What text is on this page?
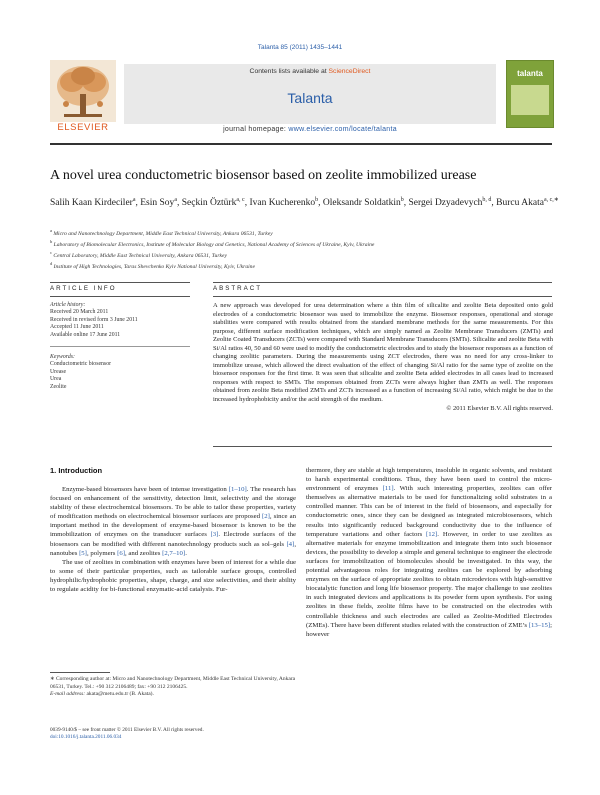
Talanta 85 (2011) 1435–1441
ELSEVIER
Contents lists available at ScienceDirect
Talanta
journal homepage: www.elsevier.com/locate/talanta
talanta
A novel urea conductometric biosensor based on zeolite immobilized urease
Salih Kaan Kirdeciler$^a$, Esin Soy$^a$, Seçkin Öztürk$^{a, c}$, Ivan Kucherenko$^b$, Oleksandr Soldatkin$^b$, Sergei Dzyadevych$^{b, d}$, Burcu Akata$^{a, c,∗}$
$^a$ Micro and Nanotechnology Department, Middle East Technical University, Ankara 06531, Turkey
$^b$ Laboratory of Biomolecular Electronics, Institute of Molecular Biology and Genetics, National Academy of Sciences of Ukraine, Kyiv, Ukraine
$^c$ Central Laboratory, Middle East Technical University, Ankara 06531, Turkey
$^d$ Institute of High Technologies, Taras Shevchenko Kyiv National University, Kyiv, Ukraine
ARTICLE INFO
Article history:
Received 20 March 2011
Received in revised form 3 June 2011
Accepted 11 June 2011
Available online 17 June 2011
Keywords:
Conductometric biosensor
Urease
Urea
Zeolite
ABSTRACT
A new approach was developed for urea determination where a thin film of silicalite and zeolite Beta deposited onto gold electrodes of a conductometric biosensor was used to immobilize the enzyme. Biosensor responses, operational and storage stabilities were compared with results obtained from the standard membrane methods for the same measurements. For this purpose, different surface modification techniques, which are simply named as Zeolite Membrane Transducers (ZMTs) and Zeolite Coated Transducers (ZCTs) were compared with Standard Membrane Transducers (SMTs). Silicalite and zeolite Beta with Si/Al ratios 40, 50 and 60 were used to modify the conductometric electrodes and to study the biosensor responses as a function of changing zeolitic parameters. During the measurements using ZCT electrodes, there was no need for any cross-linker to immobilize urease, which allowed the direct evaluation of the effect of changing Si/Al ratio for the same type of zeolite on the biosensor responses for the first time. It was seen that silicalite and zeolite Beta added electrodes in all cases lead to increased responses with respect to SMTs. The responses obtained from ZCTs were always higher than ZMTs as well. The responses obtained from zeolite Beta modified ZMTs and ZCTs increased as a function of increasing Si/Al ratio, which might be due to the increased hydrophobicity and/or the acid strength of the medium.
© 2011 Elsevier B.V. All rights reserved.
1. Introduction

Enzyme-based biosensors have been of intense investigation [1–10]. The research has focused on enhancement of the sensitivity, detection limit, selectivity and the storage stability of these electrochemical biosensors. To be able to tailor these properties, variety of modification methods on electrochemical biosensor surfaces are proposed [2], since an important method in the development of enzyme-based biosensor is known to be the immobilization of enzymes on the transducer surfaces [3]. Electrode surfaces of the biosensors can be modified with different nanotechnology products such as sol–gels [4], nanotubes [5], polymers [6], and zeolites [2,7–10].

The use of zeolites in combination with enzymes have been of interest for a while due to some of their particular properties, such as tailorable surface groups, controlled hydrophilic/hydrophobic properties, shape, charge, and size selectivities, and their ability to regulate acidity for bi-functional enzymatic-acid catalysis. Fur-

thermore, they are stable at high temperatures, insoluble in organic solvents, and resistant to harsh experimental conditions. Thus, they have been used to control the micro-environment of enzymes [11]. With such interesting properties, zeolites can offer themselves as alternative materials to be used for functionalizing solid substrates in a controlled manner. This can be of interest in the field of biosensors, and especially for conductometric ones, since they can be designed as integrated microbiosensors, which results into significantly reduced background conductivity due to the influence of temperature variations and other factors [12]. However, in order to use zeolites as alternative materials for enzyme immobilization and integrate them into such biosensor devices, the possibility to develop a simple and general technique to engineer the electrode surfaces for immobilization of biomolecules should be investigated. In this way, the potential advantageous roles for integrating zeolites can be explored by adsorbing enzymes on the surface of appropriate zeolites to obtain microdevices with high-sensitive biocatalytic function and long life biosensor property. The major challenge to use zeolites in such integrated devices and applications is its powder form upon synthesis. For using zeolites in these fields, zeolite films have to be constructed on the electrodes with controllable thickness and such electrodes are called as Zeolite-Modified Electrodes (ZMEs). There have been different studies related with the construction of ZME’s [13–15]; however

∗ Corresponding author at: Micro and Nanotechnology Department, Middle East Technical University, Ankara 06531, Turkey. Tel.: +90 312 2106489; fax: +90 312 2106425.
E-mail address: akata@metu.edu.tr (B. Akata).
0039-9140/$ – see front matter © 2011 Elsevier B.V. All rights reserved.
doi:10.1016/j.talanta.2011.06.034
